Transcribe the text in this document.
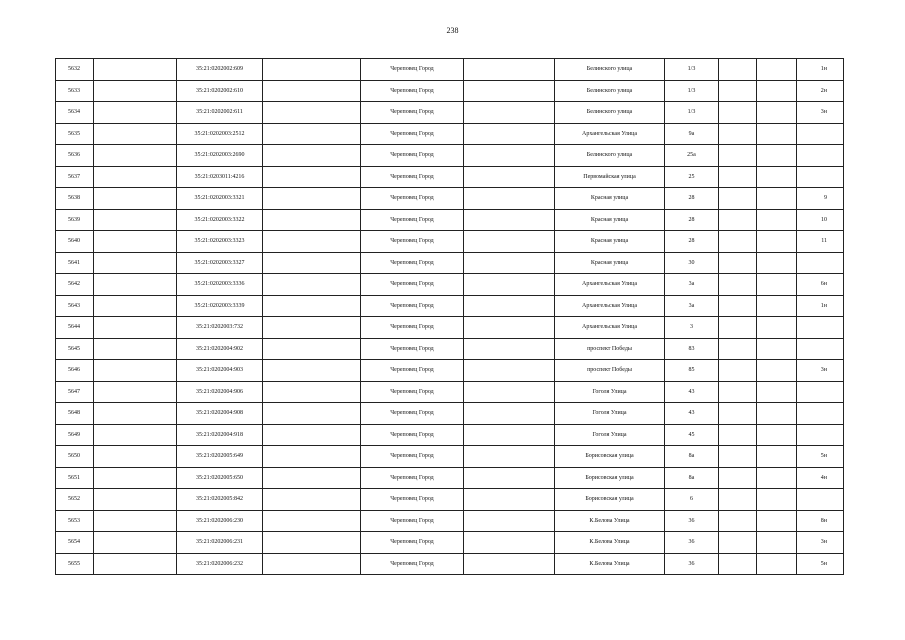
238
5632		35:21:0202002:609		Череповец Город		Белинского улица	1/3			1н
5633		35:21:0202002:610		Череповец Город		Белинского улица	1/3			2н
5634		35:21:0202002:611		Череповец Город		Белинского улица	1/3			3н
5635		35:21:0202003:2512		Череповец Город		Архангельская Улица	9а			
5636		35:21:0202003:2690		Череповец Город		Белинского улица	25а			
5637		35:21:0203011:4216		Череповец Город		Первомайская улица	25			
5638		35:21:0202003:3321		Череповец Город		Красная улица	28			9
5639		35:21:0202003:3322		Череповец Город		Красная улица	28			10
5640		35:21:0202003:3323		Череповец Город		Красная улица	28			11
5641		35:21:0202003:3327		Череповец Город		Красная улица	30			
5642		35:21:0202003:3336		Череповец Город		Архангельская Улица	3а			6н
5643		35:21:0202003:3339		Череповец Город		Архангельская Улица	3а			1н
5644		35:21:0202003:732		Череповец Город		Архангельская Улица	3			
5645		35:21:0202004:902		Череповец Город		проспект Победы	83			
5646		35:21:0202004:903		Череповец Город		проспект Победы	85			3н
5647		35:21:0202004:906		Череповец Город		Гоголя Улица	43			
5648		35:21:0202004:908		Череповец Город		Гоголя Улица	43			
5649		35:21:0202004:918		Череповец Город		Гоголя Улица	45			
5650		35:21:0202005:649		Череповец Город		Борисовская улица	8а			5н
5651		35:21:0202005:650		Череповец Город		Борисовская улица	8а			4н
5652		35:21:0202005:842		Череповец Город		Борисовская улица	6			
5653		35:21:0202006:230		Череповец Город		К.Белова Улица	36			8н
5654		35:21:0202006:231		Череповец Город		К.Белова Улица	36			3н
5655		35:21:0202006:232		Череповец Город		К.Белова Улица	36			5н
